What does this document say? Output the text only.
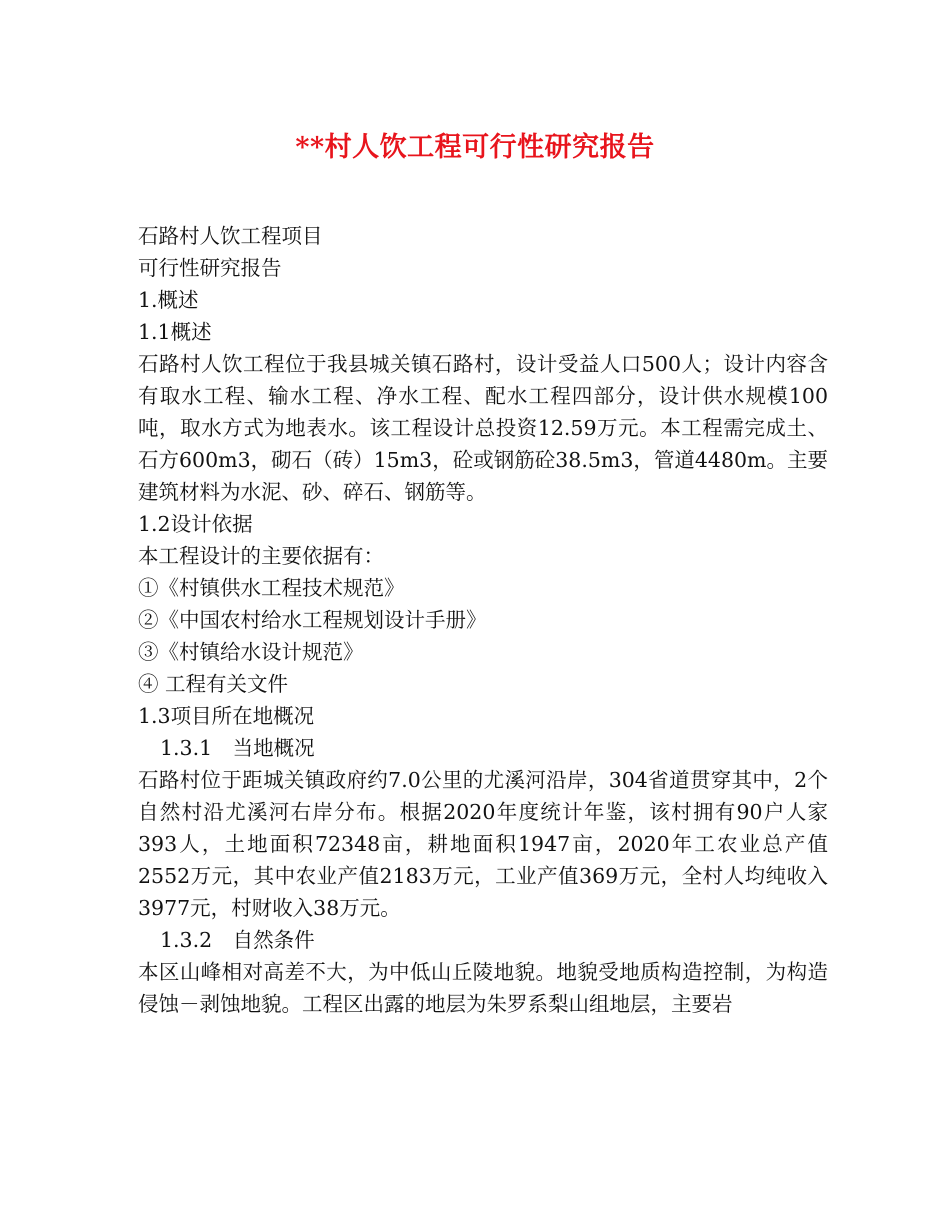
**村人饮工程可行性研究报告

石路村人饮工程项目

可行性研究报告

1.概述

1.1概述

石路村人饮工程位于我县城关镇石路村，设计受益人口500人；设计内容含有取水工程、输水工程、净水工程、配水工程四部分，设计供水规模100吨，取水方式为地表水。该工程设计总投资12.59万元。本工程需完成土、石方600m3，砌石（砖）15m3，砼或钢筋砼38.5m3，管道4480m。主要建筑材料为水泥、砂、碎石、钢筋等。

1.2设计依据

本工程设计的主要依据有：

①《村镇供水工程技术规范》

②《中国农村给水工程规划设计手册》

③《村镇给水设计规范》

④ 工程有关文件

1.3项目所在地概况

1.3.1　当地概况

石路村位于距城关镇政府约7.0公里的尤溪河沿岸，304省道贯穿其中，2个自然村沿尤溪河右岸分布。根据2020年度统计年鉴，该村拥有90户人家393人，土地面积72348亩，耕地面积1947亩，2020年工农业总产值2552万元，其中农业产值2183万元，工业产值369万元，全村人均纯收入3977元，村财收入38万元。

1.3.2　自然条件

本区山峰相对高差不大，为中低山丘陵地貌。地貌受地质构造控制，为构造侵蚀－剥蚀地貌。工程区出露的地层为朱罗系梨山组地层，主要岩
